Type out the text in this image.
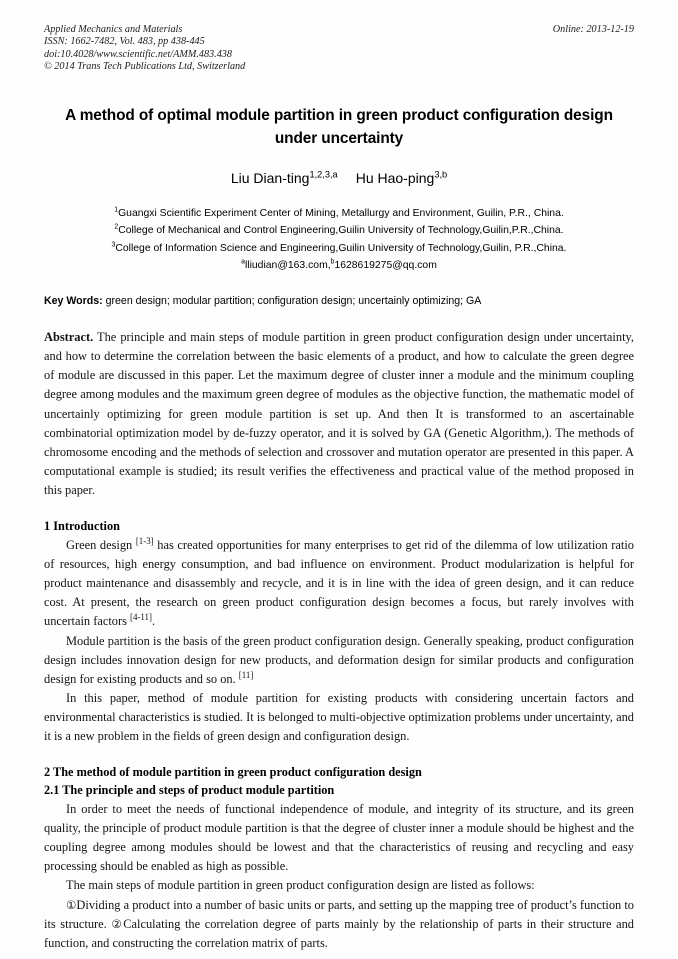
Applied Mechanics and Materials
ISSN: 1662-7482, Vol. 483, pp 438-445
doi:10.4028/www.scientific.net/AMM.483.438
© 2014 Trans Tech Publications Ltd, Switzerland
Online: 2013-12-19
A method of optimal module partition in green product configuration design under uncertainty
Liu Dian-ting$^{1,2,3,a}$ Hu Hao-ping$^{3,b}$
$^1$Guangxi Scientific Experiment Center of Mining, Metallurgy and Environment, Guilin, P.R., China.
$^2$College of Mechanical and Control Engineering,Guilin University of Technology,Guilin,P.R.,China.
$^3$College of Information Science and Engineering,Guilin University of Technology,Guilin, P.R.,China.
$^a$lliudian@163.com,$^b$1628619275@qq.com
Key Words: green design; modular partition; configuration design; uncertainly optimizing; GA
Abstract. The principle and main steps of module partition in green product configuration design under uncertainty, and how to determine the correlation between the basic elements of a product, and how to calculate the green degree of module are discussed in this paper. Let the maximum degree of cluster inner a module and the minimum coupling degree among modules and the maximum green degree of modules as the objective function, the mathematic model of uncertainly optimizing for green module partition is set up. And then It is transformed to an ascertainable combinatorial optimization model by de-fuzzy operator, and it is solved by GA (Genetic Algorithm,). The methods of chromosome encoding and the methods of selection and crossover and mutation operator are presented in this paper. A computational example is studied; its result verifies the effectiveness and practical value of the method proposed in this paper.
1 Introduction

Green design [1-3] has created opportunities for many enterprises to get rid of the dilemma of low utilization ratio of resources, high energy consumption, and bad influence on environment. Product modularization is helpful for product maintenance and disassembly and recycle, and it is in line with the idea of green design, and it can reduce cost. At present, the research on green product configuration design becomes a focus, but rarely involves with uncertain factors [4-11].

Module partition is the basis of the green product configuration design. Generally speaking, product configuration design includes innovation design for new products, and deformation design for similar products and configuration design for existing products and so on. [11]

In this paper, method of module partition for existing products with considering uncertain factors and environmental characteristics is studied. It is belonged to multi-objective optimization problems under uncertainty, and it is a new problem in the fields of green design and configuration design.

2 The method of module partition in green product configuration design
2.1 The principle and steps of product module partition

In order to meet the needs of functional independence of module, and integrity of its structure, and its green quality, the principle of product module partition is that the degree of cluster inner a module should be highest and the coupling degree among modules should be lowest and that the characteristics of reusing and recycling and easy processing should be enabled as high as possible.

The main steps of module partition in green product configuration design are listed as follows:

①Dividing a product into a number of basic units or parts, and setting up the mapping tree of product’s function to its structure. ②Calculating the correlation degree of parts mainly by the relationship of parts in their structure and function, and constructing the correlation matrix of parts.
